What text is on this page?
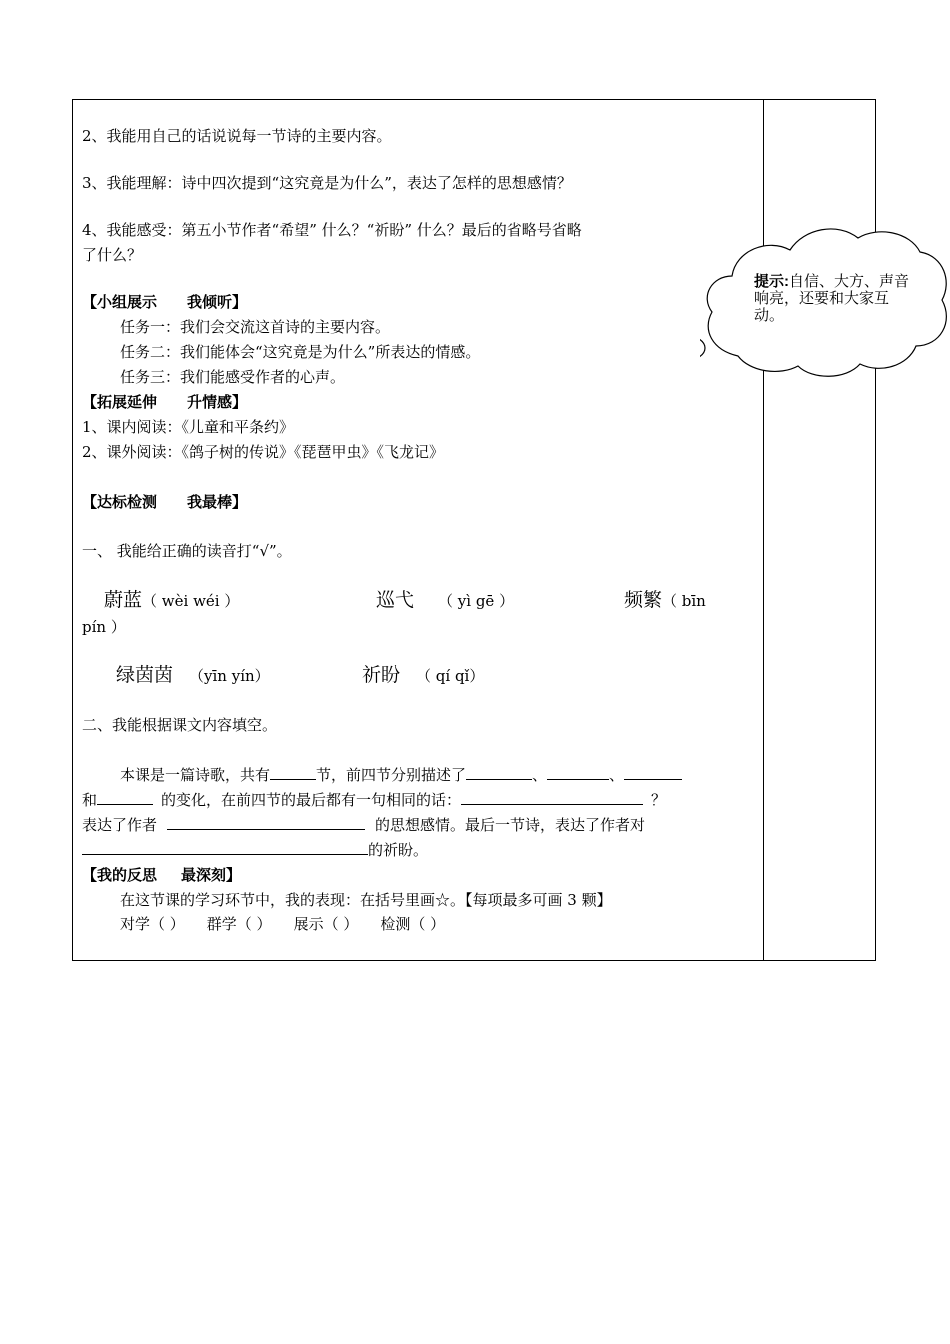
2、我能用自己的话说说每一节诗的主要内容。
3、我能理解：诗中四次提到“这究竟是为什么”，表达了怎样的思想感情？
4、我能感受：第五小节作者“希望” 什么？“祈盼” 什么？最后的省略号省略
了什么？
【小组展示 我倾听】
任务一：我们会交流这首诗的主要内容。
任务二：我们能体会“这究竟是为什么”所表达的情感。
任务三：我们能感受作者的心声。
【拓展延伸 升情感】
1、课内阅读：《儿童和平条约》
2、课外阅读：《鸽子树的传说》《琵琶甲虫》《飞龙记》
【达标检测 我最棒】
一、 我能给正确的读音打“√”。
蔚蓝（ wèi wéi ）	巡弋 （ yì gē ）	频繁（ bīn
pín ）
绿茵茵 （yīn yín）	祈盼 （ qí qǐ）
二、我能根据课文内容填空。
本课是一篇诗歌，共有	节，前四节分别描述了	、	、
和	的变化，在前四节的最后都有一句相同的话：	？
表达了作者	的思想感情。最后一节诗，表达了作者对
的祈盼。
【我的反思 最深刻】
在这节课的学习环节中，我的表现：在括号里画☆。【每项最多可画 3 颗】
对学（ ） 群学（ ） 展示（ ） 检测（ ）
提示:自信、大方、声音响亮，还要和大家互动。
